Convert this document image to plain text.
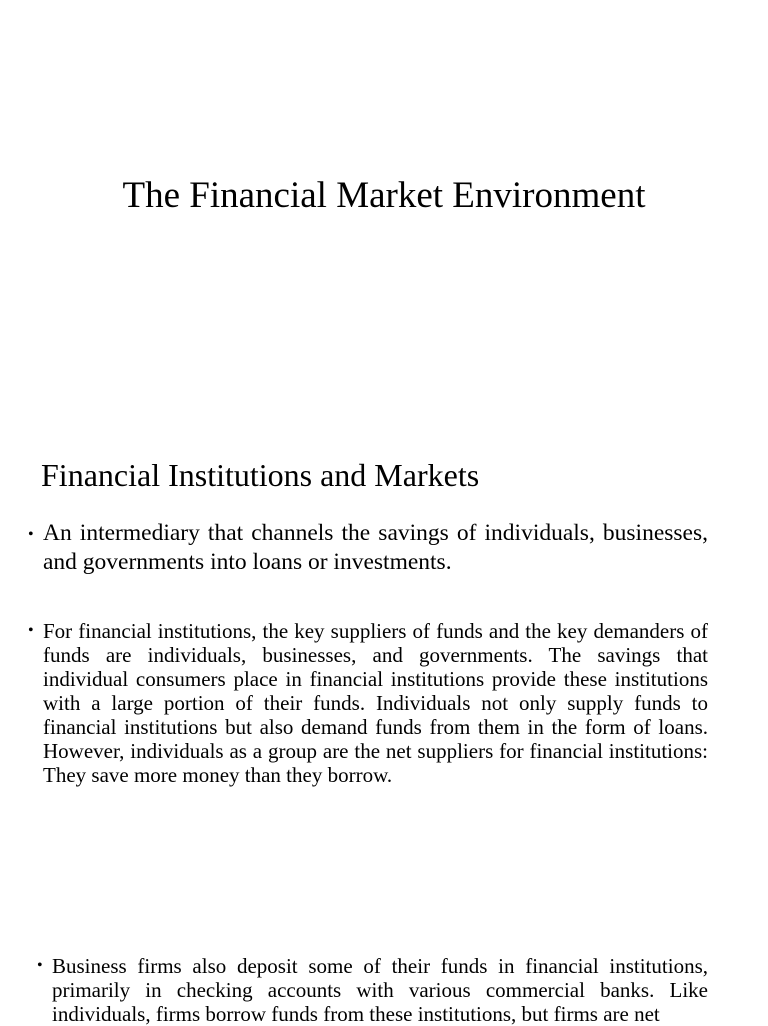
The Financial Market Environment
Financial Institutions and Markets

• An intermediary that channels the savings of individuals, businesses, and governments into loans or investments.

• For financial institutions, the key suppliers of funds and the key demanders of funds are individuals, businesses, and governments. The savings that individual consumers place in financial institutions provide these institutions with a large portion of their funds. Individuals not only supply funds to financial institutions but also demand funds from them in the form of loans. However, individuals as a group are the net suppliers for financial institutions: They save more money than they borrow.

• Business firms also deposit some of their funds in financial institutions, primarily in checking accounts with various commercial banks. Like individuals, firms borrow funds from these institutions, but firms are net
